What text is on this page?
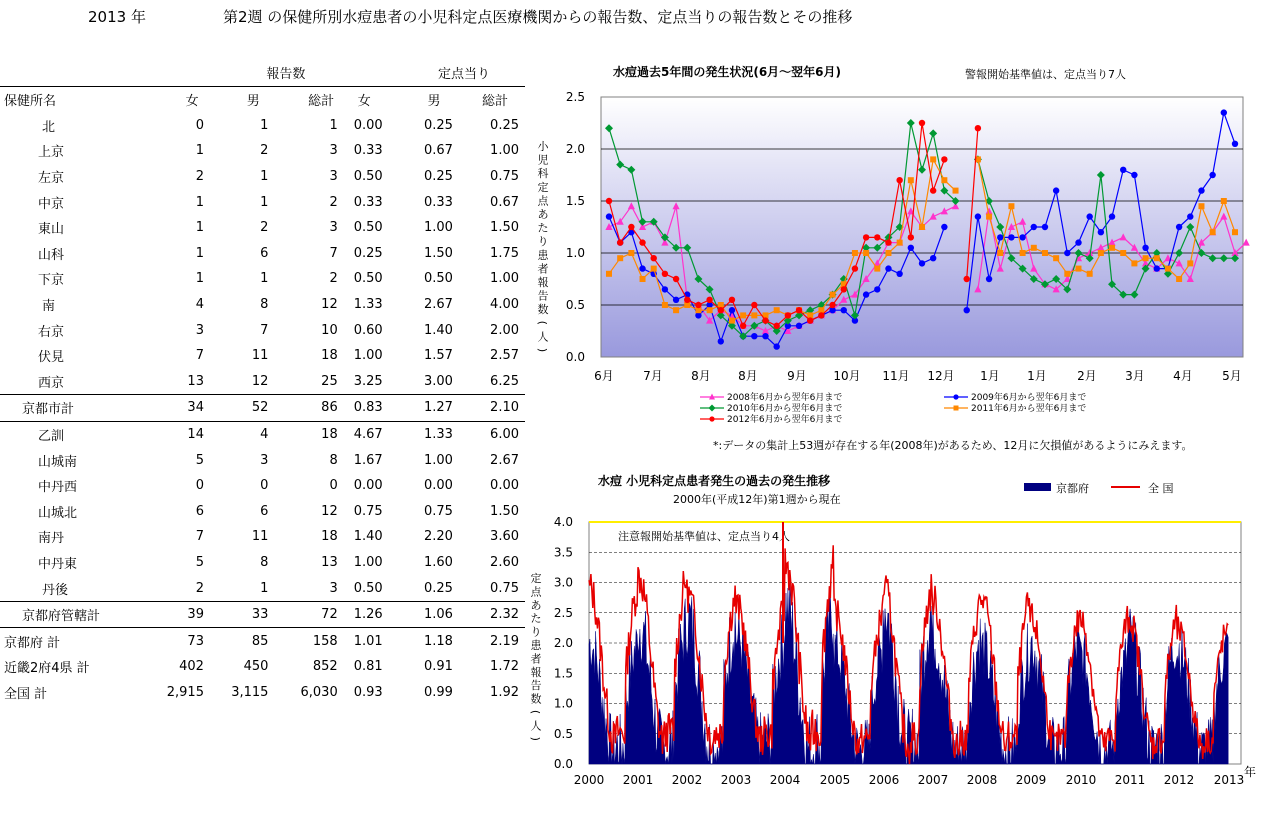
2013 年	第2週 の保健所別水痘患者の小児科定点医療機関からの報告数、定点当りの報告数とその推移
		報告数			定点当り	
保健所名	女	男	総計	女	男	総計
北	0	1	1	0.00	0.25	0.25
上京	1	2	3	0.33	0.67	1.00
左京	2	1	3	0.50	0.25	0.75
中京	1	1	2	0.33	0.33	0.67
東山	1	2	3	0.50	1.00	1.50
山科	1	6	7	0.25	1.50	1.75
下京	1	1	2	0.50	0.50	1.00
南	4	8	12	1.33	2.67	4.00
右京	3	7	10	0.60	1.40	2.00
伏見	7	11	18	1.00	1.57	2.57
西京	13	12	25	3.25	3.00	6.25
京都市計	34	52	86	0.83	1.27	2.10
乙訓	14	4	18	4.67	1.33	6.00
山城南	5	3	8	1.67	1.00	2.67
中丹西	0	0	0	0.00	0.00	0.00
山城北	6	6	12	0.75	0.75	1.50
南丹	7	11	18	1.40	2.20	3.60
中丹東	5	8	13	1.00	1.60	2.60
丹後	2	1	3	0.50	0.25	0.75
京都府管轄計	39	33	72	1.26	1.06	2.32
京都府 計	73	85	158	1.01	1.18	2.19
近畿2府4県 計	402	450	852	0.81	0.91	1.72
全国 計	2,915	3,115	6,030	0.93	0.99	1.92
2.5
2.0
1.5
1.0
0.5
0.0
小
児
科
定
点
あ
た
り
患
者
報
告
数
(
人
)
水痘過去5年間の発生状況(6月〜翌年6月)	警報開始基準値は、定点当り7人
6月 7月 8月 8月 9月 10月 11月 12月 1月 1月	2月 3月 4月 5月
2008年6月から翌年6月まで	2009年6月から翌年6月まで
2010年6月から翌年6月まで	2011年6月から翌年6月まで
2012年6月から翌年6月まで
*:データの集計上53週が存在する年(2008年)があるため、12月に欠損値があるようにみえます。
4.0
3.5
3.0
2.5
2.0
1.5
1.0
0.5
0.0
定
点
あ
た
り
患
者
報
告
数
(
人
)
水痘 小児科定点患者発生の過去の発生推移
2000年(平成12年)第1週から現在
注意報開始基準値は、定点当り4人
2000 2001 2002 2003 2004 2005 2006 2007 2008 2009 2010 2011 2012 2013
年
京都府	全 国
